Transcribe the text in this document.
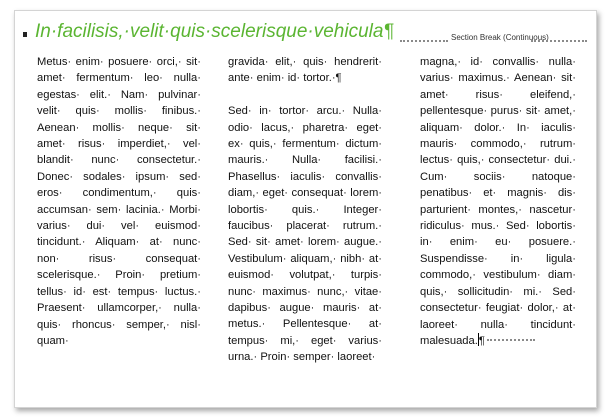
In·facilisis,·velit·quis·scelerisque·vehicula¶	Section Break (Continuous)

Metus· enim· posuere· orci,· sit· amet· fermentum· leo· nulla· egestas· elit.· Nam· pulvinar· velit· quis· mollis· finibus.· Aenean· mollis· neque· sit· amet· risus· imperdiet,· vel· blandit· nunc· consectetur.· Donec· sodales· ipsum· sed· eros· condimentum,· quis· accumsan· sem· lacinia.· Morbi· varius· dui· vel· euismod· tincidunt.· Aliquam· at· nunc· non· risus· consequat· scelerisque.· Proin· pretium· tellus· id· est· tempus· luctus.· Praesent· ullamcorper,· nulla· quis· rhoncus· semper,· nisl· quam·

gravida· elit,· quis· hendrerit· ante· enim· id· tortor.·¶

Sed· in· tortor· arcu.· Nulla· odio· lacus,· pharetra· eget· ex· quis,· fermentum· dictum· mauris.· Nulla· facilisi.· Phasellus· iaculis· convallis· diam,· eget· consequat· lorem· lobortis· quis.· Integer· faucibus· placerat· rutrum.· Sed· sit· amet· lorem· augue.· Vestibulum· aliquam,· nibh· at· euismod· volutpat,· turpis· nunc· maximus· nunc,· vitae· dapibus· augue· mauris· at· metus.· Pellentesque· at· tempus· mi,· eget· varius· urna.· Proin· semper· laoreet·

magna,· id· convallis· nulla· varius· maximus.· Aenean· sit· amet· risus· eleifend,· pellentesque· purus· sit· amet,· aliquam· dolor.· In· iaculis· mauris· commodo,· rutrum· lectus· quis,· consectetur· dui.· Cum· sociis· natoque· penatibus· et· magnis· dis· parturient· montes,· nascetur· ridiculus· mus.· Sed· lobortis· in· enim· eu· posuere.· Suspendisse· in· ligula· commodo,· vestibulum· diam· quis,· sollicitudin· mi.· Sed· consectetur· feugiat· dolor,· at· laoreet· nulla· tincidunt· malesuada.¶
